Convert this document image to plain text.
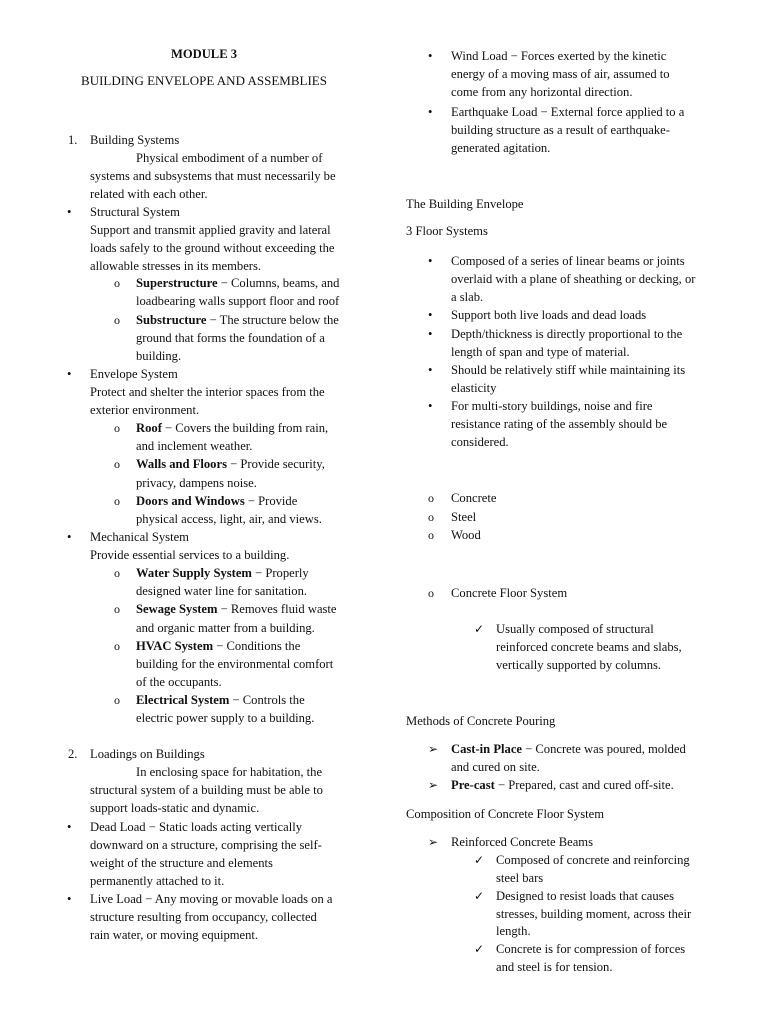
MODULE 3
BUILDING ENVELOPE AND ASSEMBLIES
1. Building Systems
Physical embodiment of a number of
systems and subsystems that must necessarily be
related with each other.
• Structural System
Support and transmit applied gravity and lateral
loads safely to the ground without exceeding the
allowable stresses in its members.
o Superstructure − Columns, beams, and
loadbearing walls support floor and roof
o Substructure − The structure below the
ground that forms the foundation of a
building.
• Envelope System
Protect and shelter the interior spaces from the
exterior environment.
o Roof − Covers the building from rain,
and inclement weather.
o Walls and Floors − Provide security,
privacy, dampens noise.
o Doors and Windows − Provide
physical access, light, air, and views.
• Mechanical System
Provide essential services to a building.
o Water Supply System − Properly
designed water line for sanitation.
o Sewage System − Removes fluid waste
and organic matter from a building.
o HVAC System − Conditions the
building for the environmental comfort
of the occupants.
o Electrical System − Controls the
electric power supply to a building.
2. Loadings on Buildings
In enclosing space for habitation, the
structural system of a building must be able to
support loads-static and dynamic.
• Dead Load − Static loads acting vertically
downward on a structure, comprising the self-
weight of the structure and elements
permanently attached to it.
• Live Load − Any moving or movable loads on a
structure resulting from occupancy, collected
rain water, or moving equipment.
• Wind Load − Forces exerted by the kinetic
energy of a moving mass of air, assumed to
come from any horizontal direction.
• Earthquake Load − External force applied to a
building structure as a result of earthquake-
generated agitation.
The Building Envelope
3 Floor Systems
• Composed of a series of linear beams or joints
overlaid with a plane of sheathing or decking, or
a slab.
• Support both live loads and dead loads
• Depth/thickness is directly proportional to the
length of span and type of material.
• Should be relatively stiff while maintaining its
elasticity
• For multi-story buildings, noise and fire
resistance rating of the assembly should be
considered.
o Concrete
o Steel
o Wood
o Concrete Floor System
✓ Usually composed of structural
reinforced concrete beams and slabs,
vertically supported by columns.
Methods of Concrete Pouring
➢ Cast-in Place − Concrete was poured, molded
and cured on site.
➢ Pre-cast − Prepared, cast and cured off-site.
Composition of Concrete Floor System
➢ Reinforced Concrete Beams
✓ Composed of concrete and reinforcing
steel bars
✓ Designed to resist loads that causes
stresses, building moment, across their
length.
✓ Concrete is for compression of forces
and steel is for tension.
